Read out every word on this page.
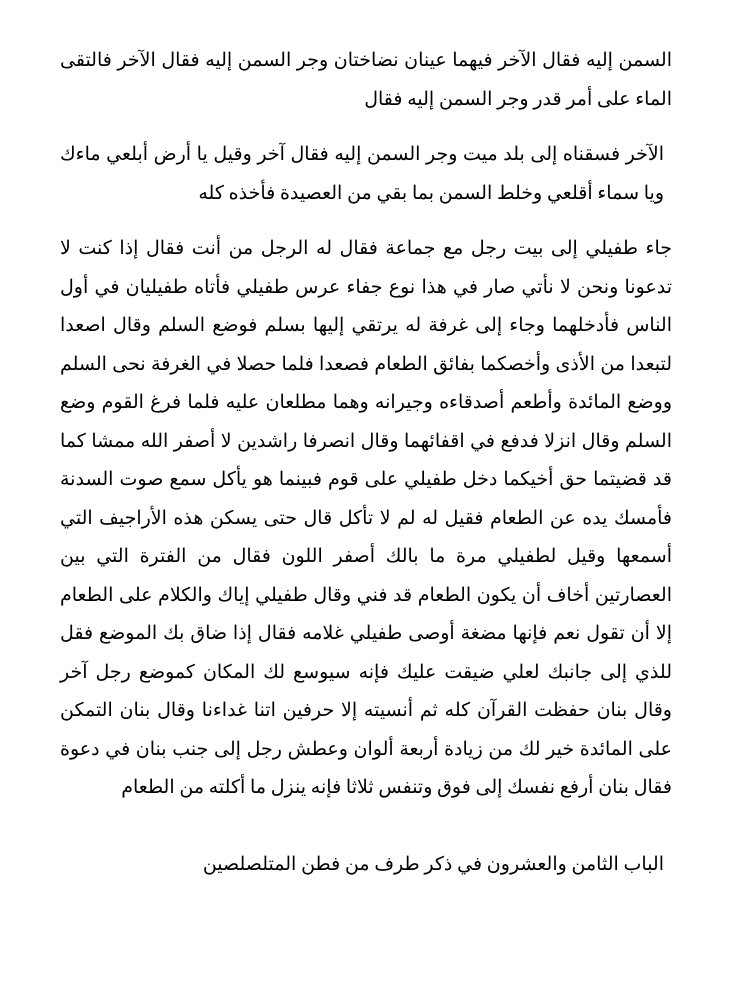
السمن إليه فقال الآخر فيهما عينان نضاختان وجر السمن إليه فقال الآخر فالتقى الماء على أمر قدر وجر السمن إليه فقال

الآخر فسقناه إلى بلد ميت وجر السمن إليه فقال آخر وقيل يا أرض أبلعي ماءك ويا سماء أقلعي وخلط السمن بما بقي من العصيدة فأخذه كله

جاء طفيلي إلى بيت رجل مع جماعة فقال له الرجل من أنت فقال إذا كنت لا تدعونا ونحن لا نأتي صار في هذا نوع جفاء عرس طفيلي فأتاه طفيليان في أول الناس فأدخلهما وجاء إلى غرفة له يرتقي إليها بسلم فوضع السلم وقال اصعدا لتبعدا من الأذى وأخصكما بفائق الطعام فصعدا فلما حصلا في الغرفة نحى السلم ووضع المائدة وأطعم أصدقاءه وجيرانه وهما مطلعان عليه فلما فرغ القوم وضع السلم وقال انزلا فدفع في اقفائهما وقال انصرفا راشدين لا أصفر الله ممشا كما قد قضيتما حق أخيكما دخل طفيلي على قوم فبينما هو يأكل سمع صوت السدنة فأمسك يده عن الطعام فقيل له لم لا تأكل قال حتى يسكن هذه الأراجيف التي أسمعها وقيل لطفيلي مرة ما بالك أصفر اللون فقال من الفترة التي بين العصارتين أخاف أن يكون الطعام قد فني وقال طفيلي إياك والكلام على الطعام إلا أن تقول نعم فإنها مضغة أوصى طفيلي غلامه فقال إذا ضاق بك الموضع فقل للذي إلى جانبك لعلي ضيقت عليك فإنه سيوسع لك المكان كموضع رجل آخر وقال بنان حفظت القرآن كله ثم أنسيته إلا حرفين اتنا غداءنا وقال بنان التمكن على المائدة خير لك من زيادة أربعة ألوان وعطش رجل إلى جنب بنان في دعوة فقال بنان أرفع نفسك إلى فوق وتنفس ثلاثا فإنه ينزل ما أكلته من الطعام

الباب الثامن والعشرون في ذكر طرف من فطن المتلصلصين
